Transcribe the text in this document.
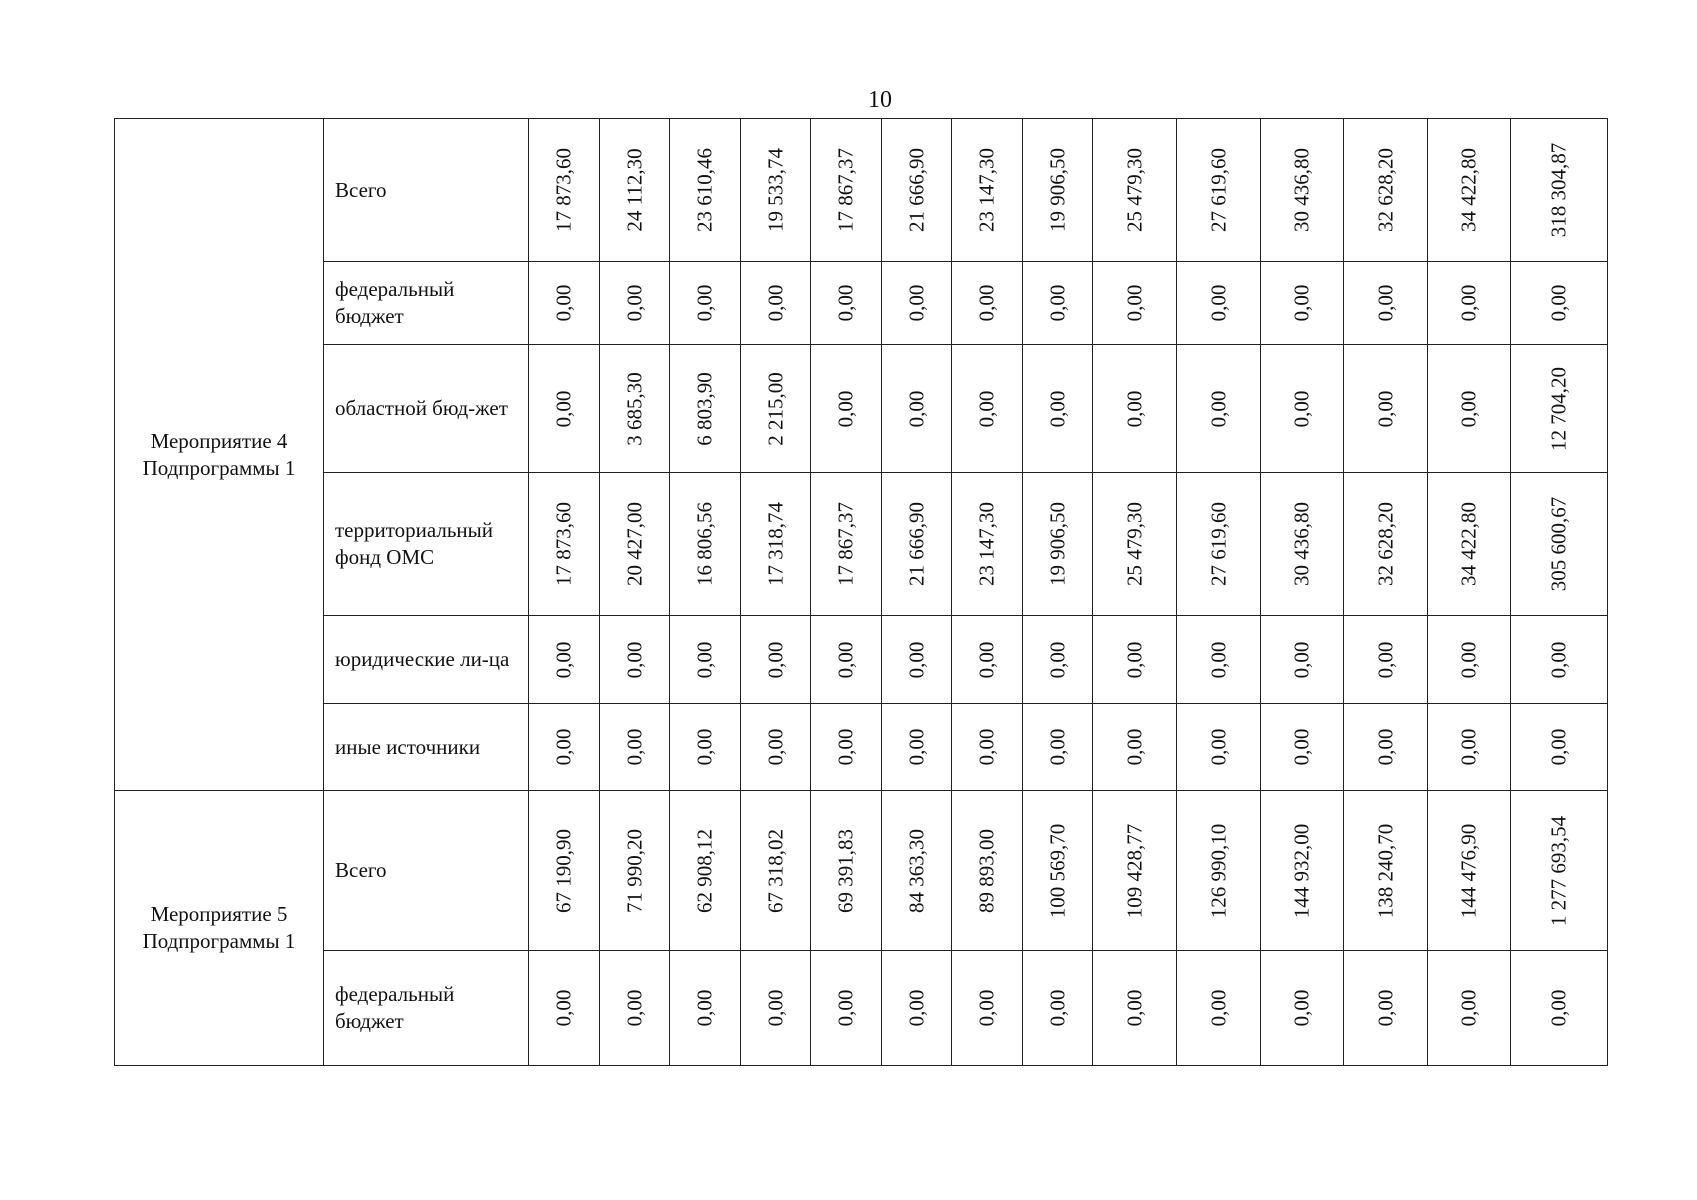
10
Мероприятие 4 Подпрограммы 1	Всего	17 873,60	24 112,30	23 610,46	19 533,74	17 867,37	21 666,90	23 147,30	19 906,50	25 479,30	27 619,60	30 436,80	32 628,20	34 422,80	318 304,87

	федеральный бюджет	0,00	0,00	0,00	0,00	0,00	0,00	0,00	0,00	0,00	0,00	0,00	0,00	0,00	0,00

	областной бюд-жет	0,00	3 685,30	6 803,90	2 215,00	0,00	0,00	0,00	0,00	0,00	0,00	0,00	0,00	0,00	12 704,20

	территориальный фонд ОМС	17 873,60	20 427,00	16 806,56	17 318,74	17 867,37	21 666,90	23 147,30	19 906,50	25 479,30	27 619,60	30 436,80	32 628,20	34 422,80	305 600,67

	юридические ли-ца	0,00	0,00	0,00	0,00	0,00	0,00	0,00	0,00	0,00	0,00	0,00	0,00	0,00	0,00

	иные источники	0,00	0,00	0,00	0,00	0,00	0,00	0,00	0,00	0,00	0,00	0,00	0,00	0,00	0,00

Мероприятие 5 Подпрограммы 1	Всего	67 190,90	71 990,20	62 908,12	67 318,02	69 391,83	84 363,30	89 893,00	100 569,70	109 428,77	126 990,10	144 932,00	138 240,70	144 476,90	1 277 693,54

	федеральный бюджет	0,00	0,00	0,00	0,00	0,00	0,00	0,00	0,00	0,00	0,00	0,00	0,00	0,00	0,00
